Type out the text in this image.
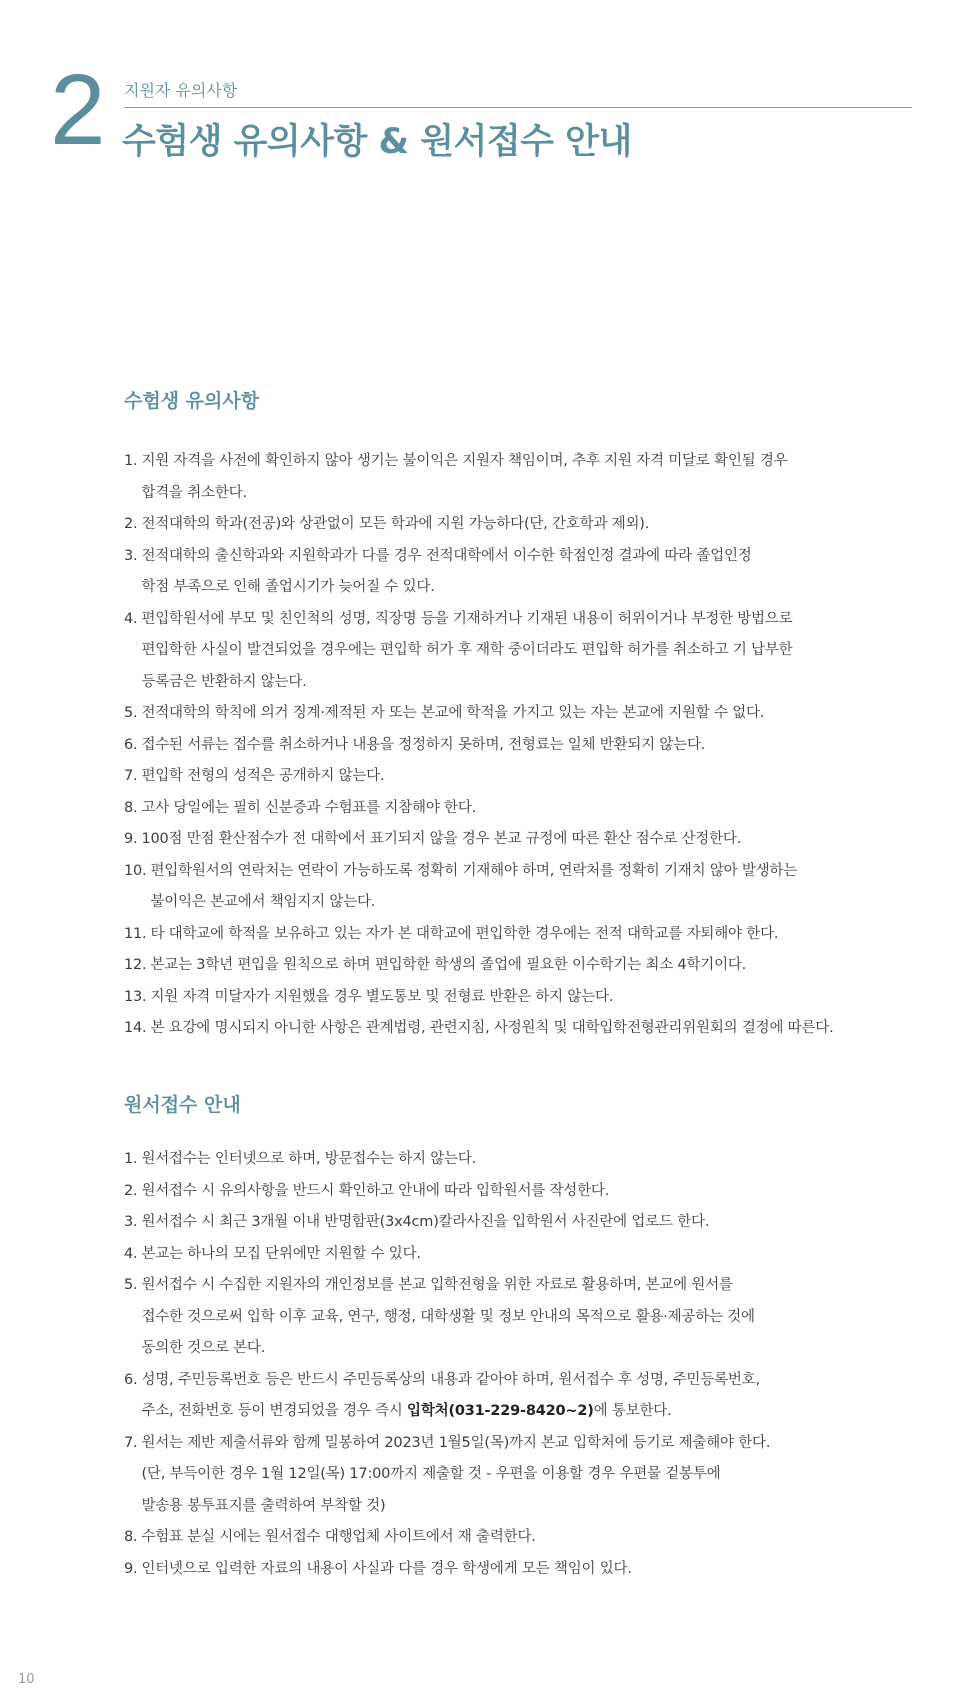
2 지원자 유의사항
수험생 유의사항 & 원서접수 안내
수험생 유의사항
1. 지원 자격을 사전에 확인하지 않아 생기는 불이익은 지원자 책임이며, 추후 지원 자격 미달로 확인될 경우
합격을 취소한다.
2. 전적대학의 학과(전공)와 상관없이 모든 학과에 지원 가능하다(단, 간호학과 제외).
3. 전적대학의 출신학과와 지원학과가 다를 경우 전적대학에서 이수한 학점인정 결과에 따라 졸업인정
학점 부족으로 인해 졸업시기가 늦어질 수 있다.
4. 편입학원서에 부모 및 친인척의 성명, 직장명 등을 기재하거나 기재된 내용이 허위이거나 부정한 방법으로
편입학한 사실이 발견되었을 경우에는 편입학 허가 후 재학 중이더라도 편입학 허가를 취소하고 기 납부한
등록금은 반환하지 않는다.
5. 전적대학의 학칙에 의거 징계·제적된 자 또는 본교에 학적을 가지고 있는 자는 본교에 지원할 수 없다.
6. 접수된 서류는 접수를 취소하거나 내용을 정정하지 못하며, 전형료는 일체 반환되지 않는다.
7. 편입학 전형의 성적은 공개하지 않는다.
8. 고사 당일에는 필히 신분증과 수험표를 지참해야 한다.
9. 100점 만점 환산점수가 전 대학에서 표기되지 않을 경우 본교 규정에 따른 환산 점수로 산정한다.
10. 편입학원서의 연락처는 연락이 가능하도록 정확히 기재해야 하며, 연락처를 정확히 기재치 않아 발생하는
불이익은 본교에서 책임지지 않는다.
11. 타 대학교에 학적을 보유하고 있는 자가 본 대학교에 편입학한 경우에는 전적 대학교를 자퇴해야 한다.
12. 본교는 3학년 편입을 원칙으로 하며 편입학한 학생의 졸업에 필요한 이수학기는 최소 4학기이다.
13. 지원 자격 미달자가 지원했을 경우 별도통보 및 전형료 반환은 하지 않는다.
14. 본 요강에 명시되지 아니한 사항은 관계법령, 관련지침, 사정원칙 및 대학입학전형관리위원회의 결정에 따른다.
원서접수 안내
1. 원서접수는 인터넷으로 하며, 방문접수는 하지 않는다.
2. 원서접수 시 유의사항을 반드시 확인하고 안내에 따라 입학원서를 작성한다.
3. 원서접수 시 최근 3개월 이내 반명함판(3x4cm)칼라사진을 입학원서 사진란에 업로드 한다.
4. 본교는 하나의 모집 단위에만 지원할 수 있다.
5. 원서접수 시 수집한 지원자의 개인정보를 본교 입학전형을 위한 자료로 활용하며, 본교에 원서를
접수한 것으로써 입학 이후 교육, 연구, 행정, 대학생활 및 정보 안내의 목적으로 활용·제공하는 것에
동의한 것으로 본다.
6. 성명, 주민등록번호 등은 반드시 주민등록상의 내용과 같아야 하며, 원서접수 후 성명, 주민등록번호,
주소, 전화번호 등이 변경되었을 경우 즉시 입학처(031-229-8420~2)에 통보한다.
7. 원서는 제반 제출서류와 함께 밀봉하여 2023년 1월5일(목)까지 본교 입학처에 등기로 제출해야 한다.
(단, 부득이한 경우 1월 12일(목) 17:00까지 제출할 것 - 우편을 이용할 경우 우편물 겉봉투에
발송용 봉투표지를 출력하여 부착할 것)
8. 수험표 분실 시에는 원서접수 대행업체 사이트에서 재 출력한다.
9. 인터넷으로 입력한 자료의 내용이 사실과 다를 경우 학생에게 모든 책임이 있다.
10
